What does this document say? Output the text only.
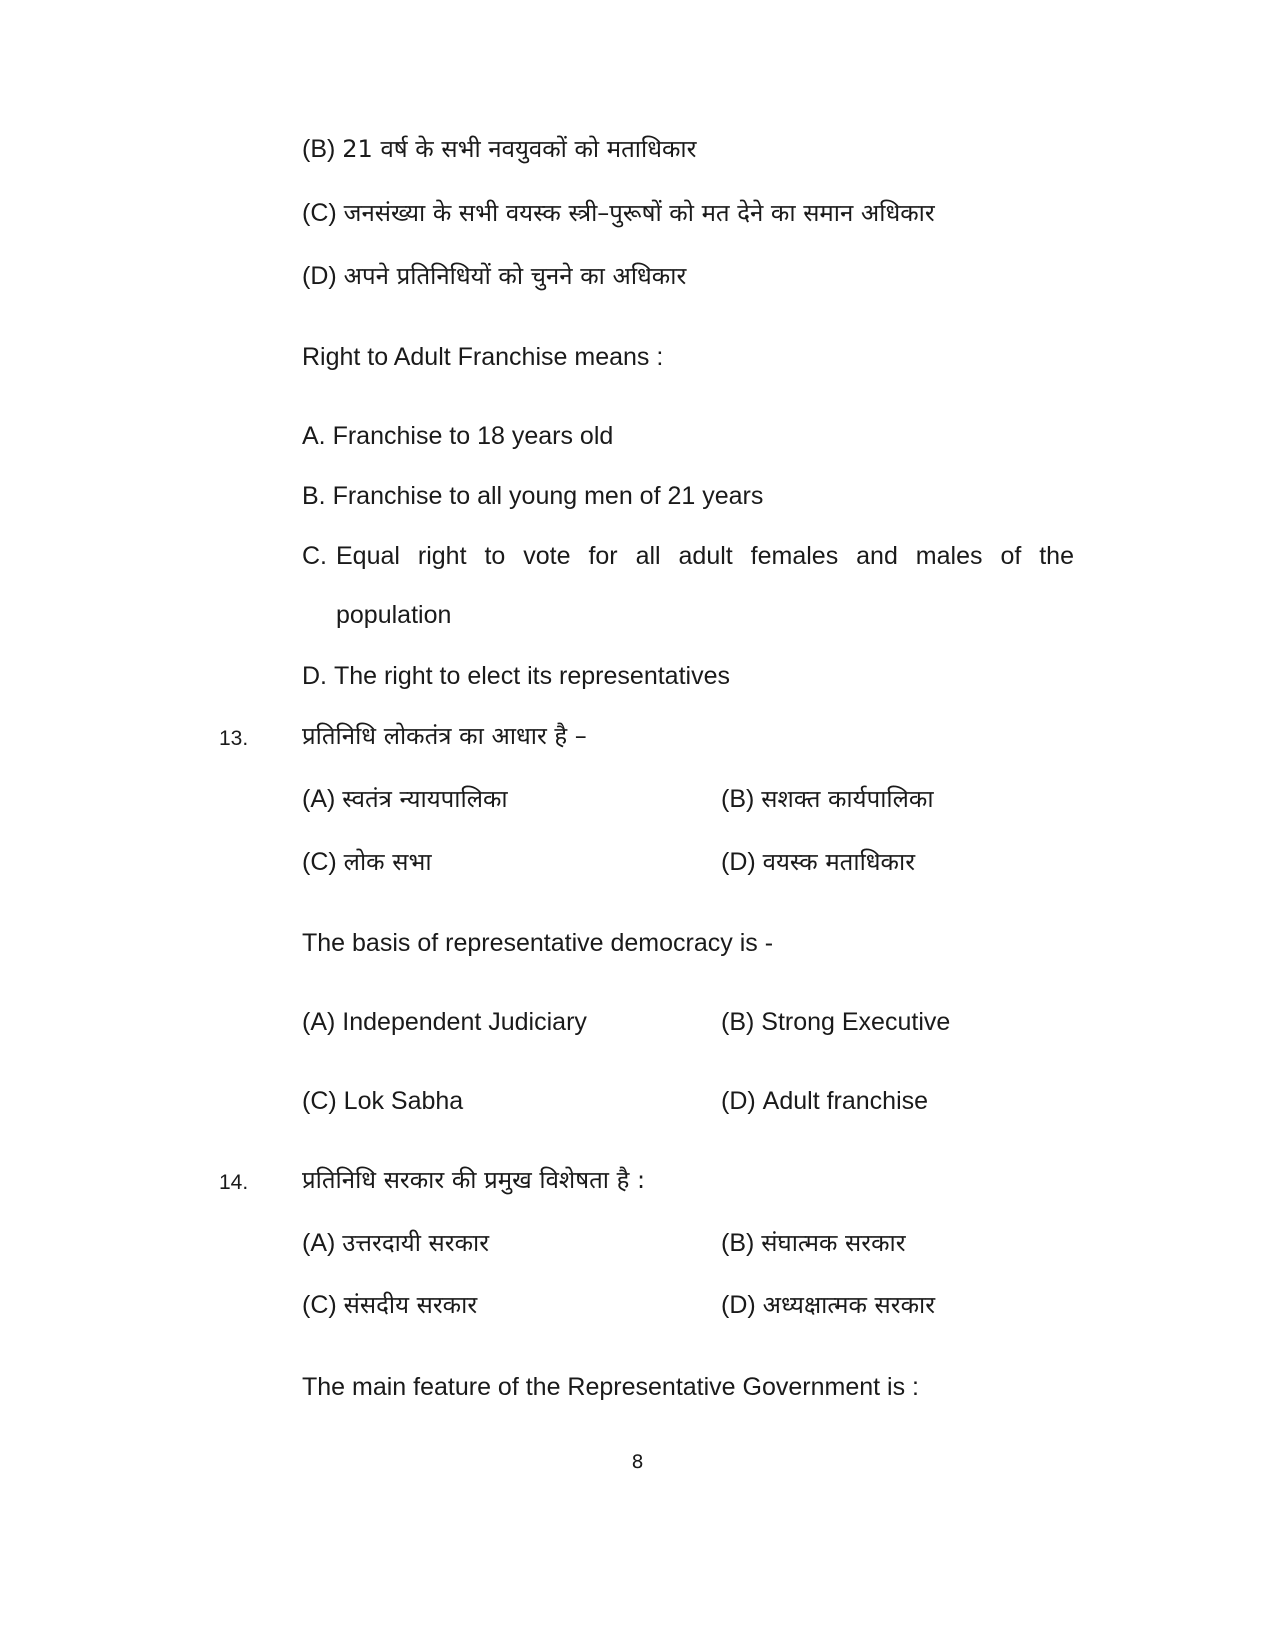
(B) 21 वर्ष के सभी नवयुवकों को मताधिकार
(C) जनसंख्या के सभी वयस्क स्त्री–पुरूषों को मत देने का समान अधिकार
(D) अपने प्रतिनिधियों को चुनने का अधिकार
Right to Adult Franchise means :
A. Franchise to 18 years old
B. Franchise to all young men of 21 years
C. Equal right to vote for all adult females and males of the
population
D. The right to elect its representatives
13. प्रतिनिधि लोकतंत्र का आधार है –
(A) स्वतंत्र न्यायपालिका	(B) सशक्त कार्यपालिका
(C) लोक सभा	(D) वयस्क मताधिकार
The basis of representative democracy is -
(A) Independent Judiciary	(B) Strong Executive
(C) Lok Sabha	(D) Adult franchise
14. प्रतिनिधि सरकार की प्रमुख विशेषता है :
(A) उत्तरदायी सरकार	(B) संघात्मक सरकार
(C) संसदीय सरकार	(D) अध्यक्षात्मक सरकार
The main feature of the Representative Government is :
8
